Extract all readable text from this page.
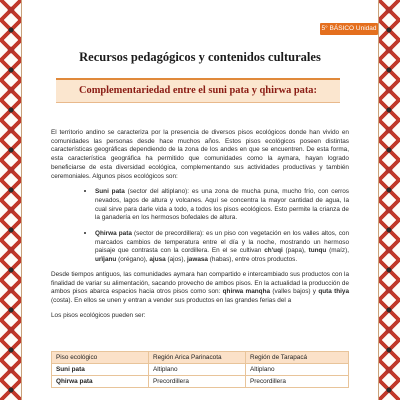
5° BÁSICO Unidad 4
Recursos pedagógicos y contenidos culturales
Complementariedad entre el suni pata y qhirwa pata:

El territorio andino se caracteriza por la presencia de diversos pisos ecológicos donde han vivido en comunidades las personas desde hace muchos años. Estos pisos ecológicos poseen distintas características geográficas dependiendo de la zona de los andes en que se encuentren. De esta forma, esta característica geográfica ha permitido que comunidades como la aymara, hayan logrado beneficiarse de esta diversidad ecológica, complementando sus actividades productivas y también ceremoniales. Algunos pisos ecológicos son:

• Suni pata (sector del altiplano): es una zona de mucha puna, mucho frío, con cerros nevados, lagos de altura y volcanes. Aquí se concentra la mayor cantidad de agua, la cual sirve para darle vida a todo, a todos los pisos ecológicos. Esto permite la crianza de la ganadería en los hermosos bofedales de altura.
• Qhirwa pata (sector de precordillera): es un piso con vegetación en los valles altos, con marcados cambios de temperatura entre el día y la noche, mostrando un hermoso paisaje que contrasta con la cordillera. En el se cultivan ch'uqi (papa), tunqu (maíz), urïjanu (orégano), ajusa (ajos), jawasa (habas), entre otros productos.

Desde tiempos antiguos, las comunidades aymara han compartido e intercambiado sus productos con la finalidad de variar su alimentación, sacando provecho de ambos pisos. En la actualidad la producción de ambos pisos abarca espacios hacia otros pisos como son: qhirwa manqha (valles bajos) y quta thiya (costa). En ellos se unen y entran a vender sus productos en las grandes ferias del a

Los pisos ecológicos pueden ser:

Piso ecológico	Región Arica Parinacota	Región de Tarapacá
Suni pata	Altiplano	Altiplano
Qhirwa pata	Precordillera	Precordillera
